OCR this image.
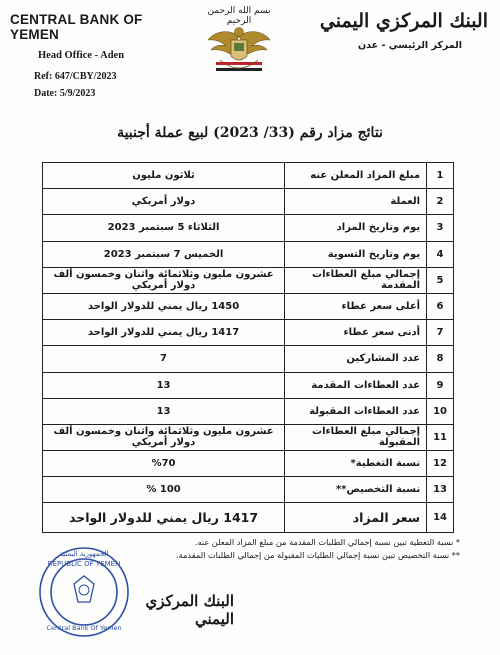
CENTRAL BANK OF YEMEN
Head Office - Aden
Ref: 647/CBY/2023
Date: 5/9/2023
بسم الله الرحمن الرحيم	البنك المركزي اليمني
المركز الرئيسي - عدن
نتائج مزاد رقم (33/ 2023) لبيع عملة أجنبية
1	مبلغ المزاد المعلن عنه	ثلاثون مليون
2	العملة	دولار أمريكي
3	يوم وتاريخ المزاد	الثلاثاء 5 سبتمبر 2023
4	يوم وتاريخ التسوية	الخميس 7 سبتمبر 2023
5	إجمالي مبلغ العطاءات المقدمة	عشرون مليون وثلاثمائة واثنان وخمسون ألف دولار أمريكي
6	أعلى سعر عطاء	1450 ريال يمني للدولار الواحد
7	أدنى سعر عطاء	1417 ريال يمني للدولار الواحد
8	عدد المشاركين	7
9	عدد العطاءات المقدمة	13
10	عدد العطاءات المقبولة	13
11	إجمالي مبلغ العطاءات المقبولة	عشرون مليون وثلاثمائة واثنان وخمسون ألف دولار أمريكي
12	نسبة التغطية*	%70
13	نسبة التخصيص**	100 %
14	سعر المزاد	1417 ريال يمني للدولار الواحد
* نسبة التغطية تبين نسبة إجمالي الطلبات المقدمة من مبلغ المزاد المعلن عنه.
** نسبة التخصيص تبين نسبة إجمالي الطلبات المقبولة من إجمالي الطلبات المقدمة.
REPUBLIC OF YEMEN
الجمهورية اليمنية
Central Bank Of Yemen
البنك المركزي اليمني
